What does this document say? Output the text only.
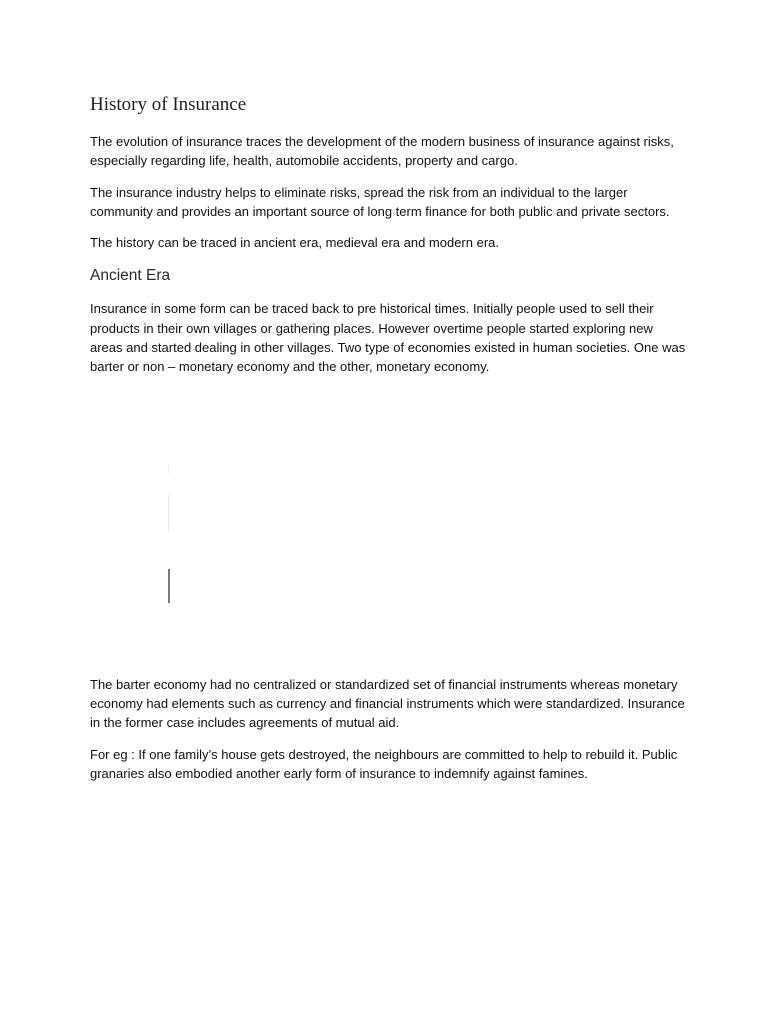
History of Insurance

The evolution of insurance traces the development of the modern business of insurance against risks, especially regarding life, health, automobile accidents, property and cargo.

The insurance industry helps to eliminate risks, spread the risk from an individual to the larger community and provides an important source of long term finance for both public and private sectors.

The history can be traced in ancient era, medieval era and modern era.

Ancient Era

Insurance in some form can be traced back to pre historical times. Initially people used to sell their products in their own villages or gathering places. However overtime people started exploring new areas and started dealing in other villages. Two type of economies existed in human societies. One was barter or non – monetary economy and the other, monetary economy.

The barter economy had no centralized or standardized set of financial instruments whereas monetary economy had elements such as currency and financial instruments which were standardized. Insurance in the former case includes agreements of mutual aid.

For eg : If one family’s house gets destroyed, the neighbours are committed to help to rebuild it. Public granaries also embodied another early form of insurance to indemnify against famines.
